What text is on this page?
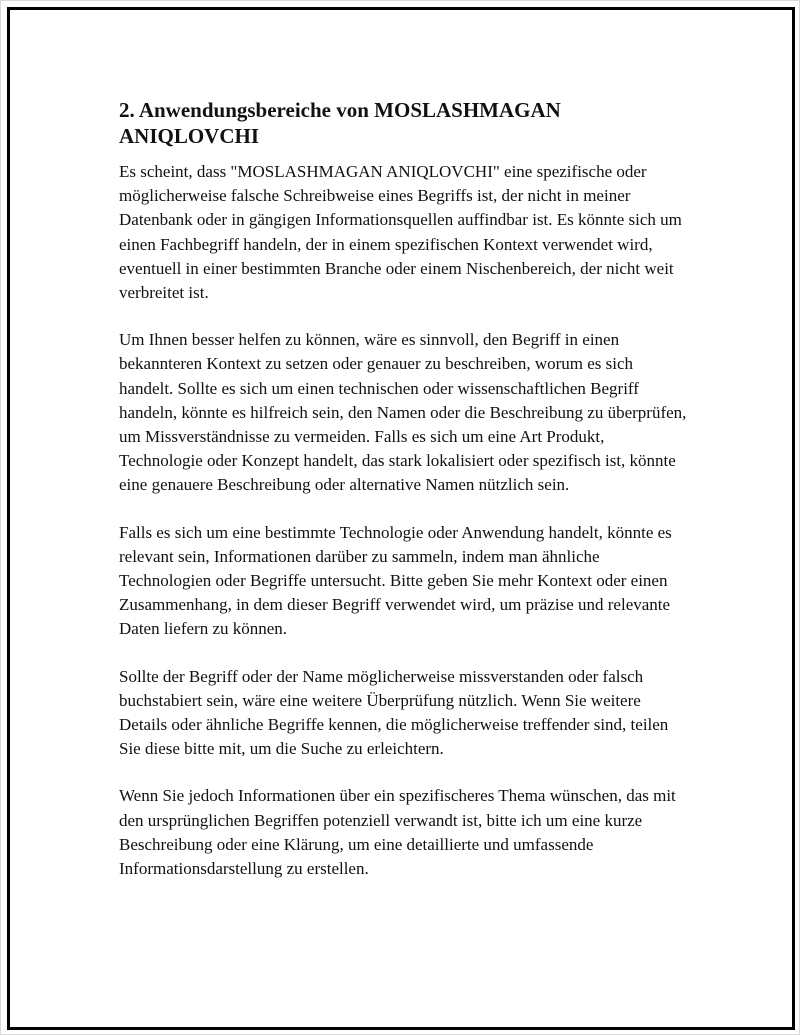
2. Anwendungsbereiche von MOSLASHMAGAN ANIQLOVCHI

Es scheint, dass "MOSLASHMAGAN ANIQLOVCHI" eine spezifische oder möglicherweise falsche Schreibweise eines Begriffs ist, der nicht in meiner Datenbank oder in gängigen Informationsquellen auffindbar ist. Es könnte sich um einen Fachbegriff handeln, der in einem spezifischen Kontext verwendet wird, eventuell in einer bestimmten Branche oder einem Nischenbereich, der nicht weit verbreitet ist.

Um Ihnen besser helfen zu können, wäre es sinnvoll, den Begriff in einen bekannteren Kontext zu setzen oder genauer zu beschreiben, worum es sich handelt. Sollte es sich um einen technischen oder wissenschaftlichen Begriff handeln, könnte es hilfreich sein, den Namen oder die Beschreibung zu überprüfen, um Missverständnisse zu vermeiden. Falls es sich um eine Art Produkt, Technologie oder Konzept handelt, das stark lokalisiert oder spezifisch ist, könnte eine genauere Beschreibung oder alternative Namen nützlich sein.

Falls es sich um eine bestimmte Technologie oder Anwendung handelt, könnte es relevant sein, Informationen darüber zu sammeln, indem man ähnliche Technologien oder Begriffe untersucht. Bitte geben Sie mehr Kontext oder einen Zusammenhang, in dem dieser Begriff verwendet wird, um präzise und relevante Daten liefern zu können.

Sollte der Begriff oder der Name möglicherweise missverstanden oder falsch buchstabiert sein, wäre eine weitere Überprüfung nützlich. Wenn Sie weitere Details oder ähnliche Begriffe kennen, die möglicherweise treffender sind, teilen Sie diese bitte mit, um die Suche zu erleichtern.

Wenn Sie jedoch Informationen über ein spezifischeres Thema wünschen, das mit den ursprünglichen Begriffen potenziell verwandt ist, bitte ich um eine kurze Beschreibung oder eine Klärung, um eine detaillierte und umfassende Informationsdarstellung zu erstellen.
